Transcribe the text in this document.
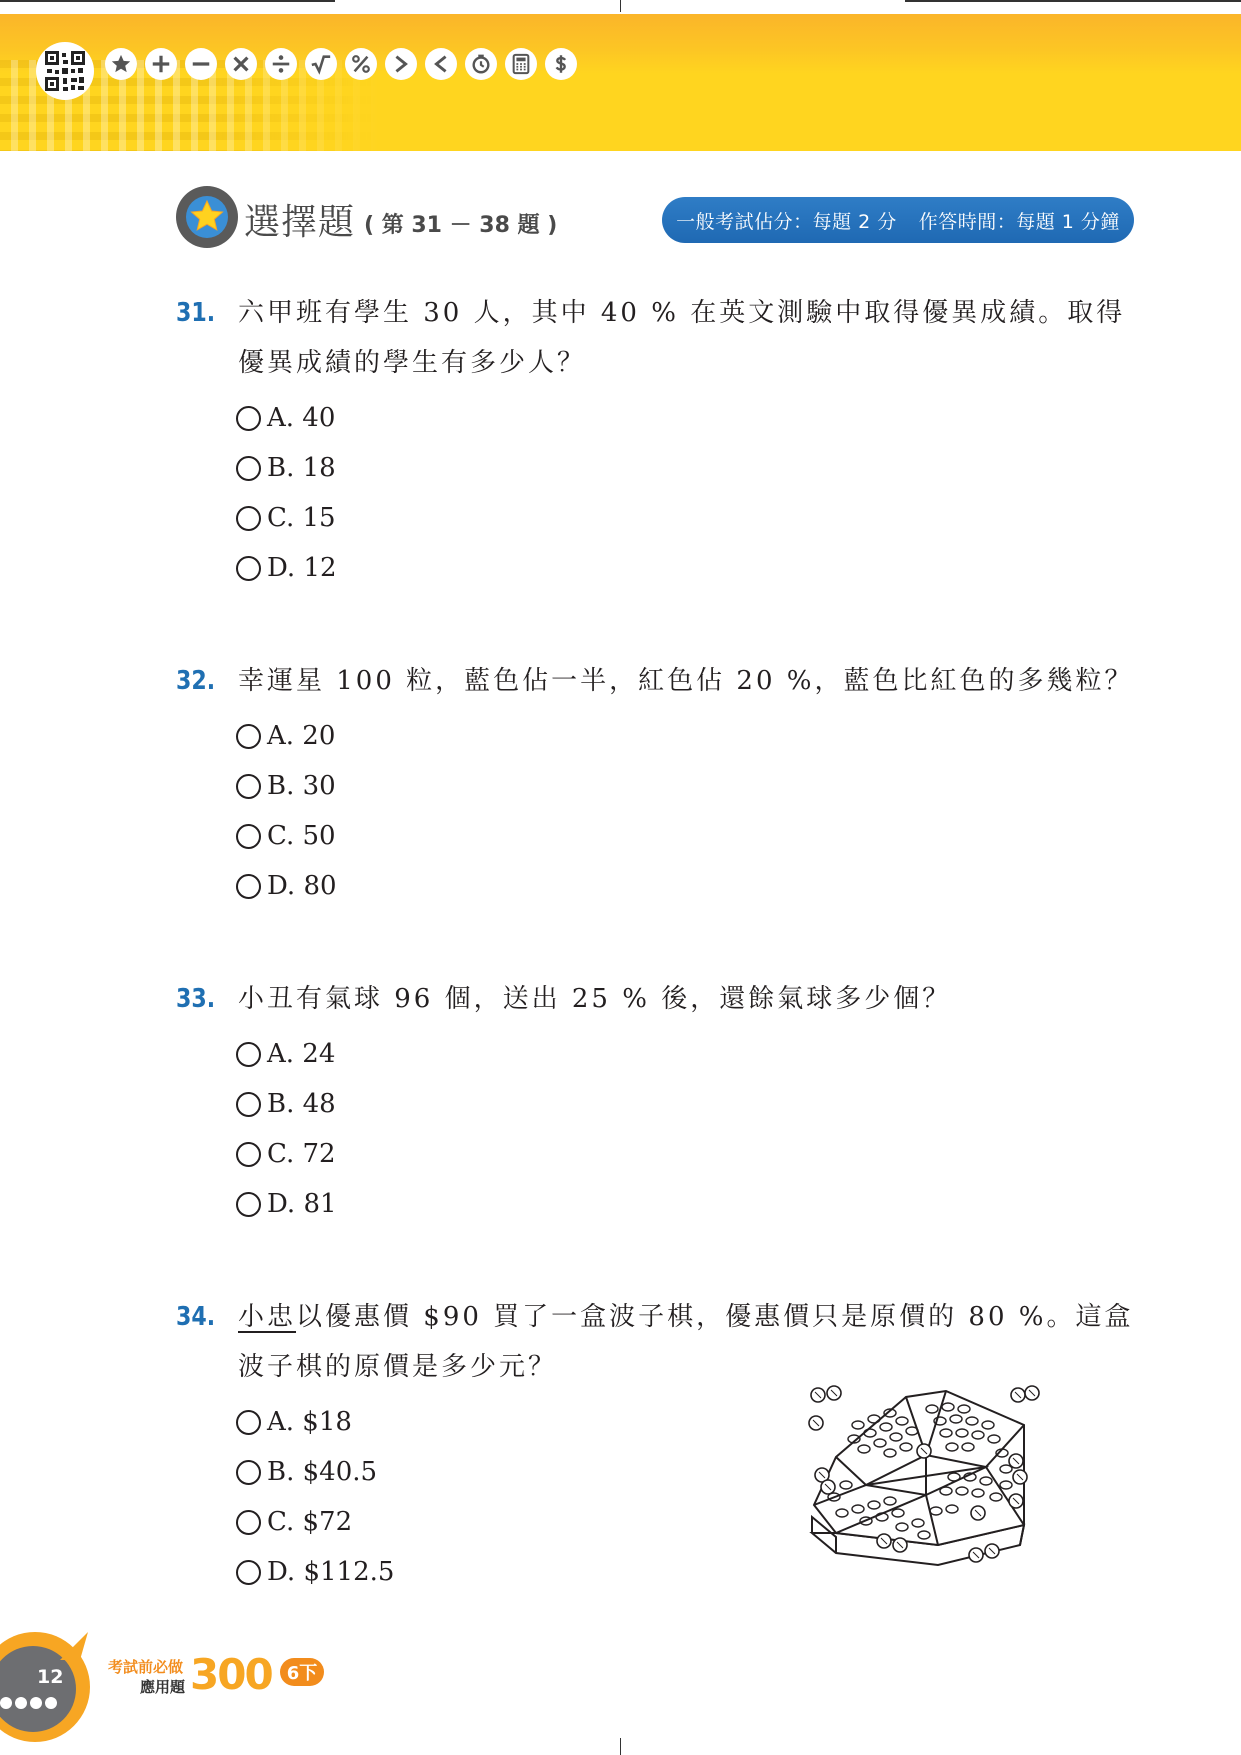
選擇題 ( 第 31 － 38 題 )	一般考試佔分：每題 2 分 作答時間：每題 1 分鐘
31. 六甲班有學生 30 人，其中 40 % 在英文測驗中取得優異成績。取得優異成績的學生有多少人？
A. 40
B. 18
C. 15
D. 12
32. 幸運星 100 粒，藍色佔一半，紅色佔 20 %，藍色比紅色的多幾粒？
A. 20
B. 30
C. 50
D. 80
33. 小丑有氣球 96 個，送出 25 % 後，還餘氣球多少個？
A. 24
B. 48
C. 72
D. 81
34. 小忠以優惠價 $90 買了一盒波子棋，優惠價只是原價的 80 %。這盒波子棋的原價是多少元？
A. $18
B. $40.5
C. $72
D. $112.5
12	考試前必做
應用題 300 6下
